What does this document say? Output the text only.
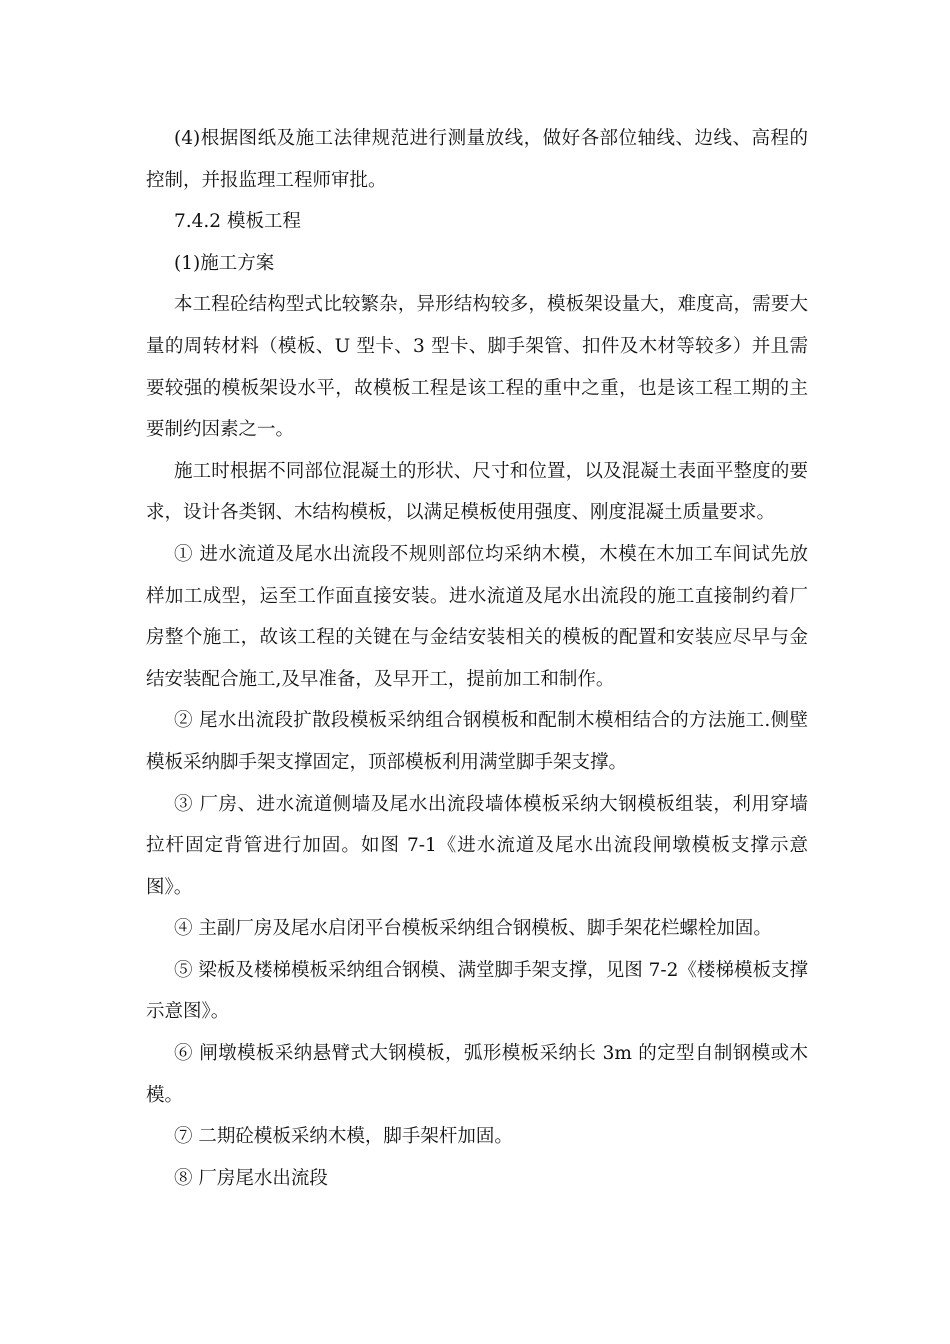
(4)根据图纸及施工法律规范进行测量放线，做好各部位轴线、边线、高程的控制，并报监理工程师审批。

7.4.2 模板工程

(1)施工方案

本工程砼结构型式比较繁杂，异形结构较多，模板架设量大，难度高，需要大量的周转材料（模板、U 型卡、3 型卡、脚手架管、扣件及木材等较多）并且需要较强的模板架设水平，故模板工程是该工程的重中之重，也是该工程工期的主要制约因素之一。

施工时根据不同部位混凝土的形状、尺寸和位置，以及混凝土表面平整度的要求，设计各类钢、木结构模板，以满足模板使用强度、刚度混凝土质量要求。

① 进水流道及尾水出流段不规则部位均采纳木模，木模在木加工车间试先放样加工成型，运至工作面直接安装。进水流道及尾水出流段的施工直接制约着厂房整个施工，故该工程的关键在与金结安装相关的模板的配置和安装应尽早与金结安装配合施工,及早准备，及早开工，提前加工和制作。

② 尾水出流段扩散段模板采纳组合钢模板和配制木模相结合的方法施工.侧壁模板采纳脚手架支撑固定，顶部模板利用满堂脚手架支撑。

③ 厂房、进水流道侧墙及尾水出流段墙体模板采纳大钢模板组装，利用穿墙拉杆固定背管进行加固。如图 7-1《进水流道及尾水出流段闸墩模板支撑示意图》。

④ 主副厂房及尾水启闭平台模板采纳组合钢模板、脚手架花栏螺栓加固。

⑤ 梁板及楼梯模板采纳组合钢模、满堂脚手架支撑，见图 7-2《楼梯模板支撑示意图》。

⑥ 闸墩模板采纳悬臂式大钢模板，弧形模板采纳长 3m 的定型自制钢模或木模。

⑦ 二期砼模板采纳木模，脚手架杆加固。

⑧ 厂房尾水出流段
